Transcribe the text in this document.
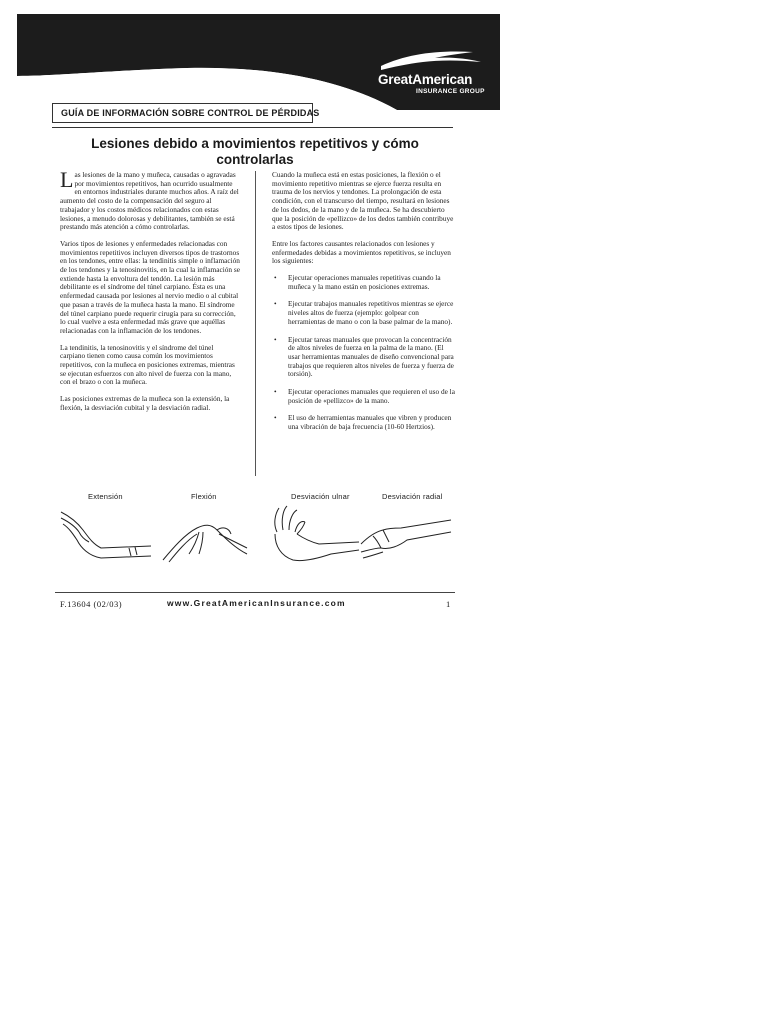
GreatAmerican
INSURANCE GROUP
GUÍA DE INFORMACIÓN SOBRE CONTROL DE PÉRDIDAS
Lesiones debido a movimientos repetitivos y cómo
controlarlas

Las lesiones de la mano y muñeca, causadas o agravadas por movimientos repetitivos, han ocurrido usualmente en entornos industriales durante muchos años. A raíz del aumento del costo de la compensación del seguro al trabajador y los costos médicos relacionados con estas lesiones, a menudo dolorosas y debilitantes, también se está prestando más atención a cómo controlarlas.

Varios tipos de lesiones y enfermedades relacionadas con movimientos repetitivos incluyen diversos tipos de trastornos en los tendones, entre ellas: la tendinitis simple o inflamación de los tendones y la tenosinovitis, en la cual la inflamación se extiende hasta la envoltura del tendón. La lesión más debilitante es el síndrome del túnel carpiano. Ésta es una enfermedad causada por lesiones al nervio medio o al cubital que pasan a través de la muñeca hasta la mano. El síndrome del túnel carpiano puede requerir cirugía para su corrección, lo cual vuelve a esta enfermedad más grave que aquéllas relacionadas con la inflamación de los tendones.

La tendinitis, la tenosinovitis y el síndrome del túnel carpiano tienen como causa común los movimientos repetitivos, con la muñeca en posiciones extremas, mientras se ejecutan esfuerzos con alto nivel de fuerza con la mano, con el brazo o con la muñeca.

Las posiciones extremas de la muñeca son la extensión, la flexión, la desviación cubital y la desviación radial.

Cuando la muñeca está en estas posiciones, la flexión o el movimiento repetitivo mientras se ejerce fuerza resulta en trauma de los nervios y tendones. La prolongación de esta condición, con el transcurso del tiempo, resultará en lesiones de los dedos, de la mano y de la muñeca. Se ha descubierto que la posición de «pellizco» de los dedos también contribuye a estos tipos de lesiones.

Entre los factores causantes relacionados con lesiones y enfermedades debidas a movimientos repetitivos, se incluyen los siguientes:

• Ejecutar operaciones manuales repetitivas cuando la muñeca y la mano están en posiciones extremas.
• Ejecutar trabajos manuales repetitivos mientras se ejerce niveles altos de fuerza (ejemplo: golpear con herramientas de mano o con la base palmar de la mano).
• Ejecutar tareas manuales que provocan la concentración de altos niveles de fuerza en la palma de la mano. (El usar herramientas manuales de diseño convencional para trabajos que requieren altos niveles de fuerza y fuerza de torsión).
• Ejecutar operaciones manuales que requieren el uso de la posición de «pellizco» de la mano.
• El uso de herramientas manuales que vibren y producen una vibración de baja frecuencia (10-60 Hertzios).
Extensión	Flexión	Desviación ulnar	Desviación radial
F.13604 (02/03)	www.GreatAmericanInsurance.com	1
